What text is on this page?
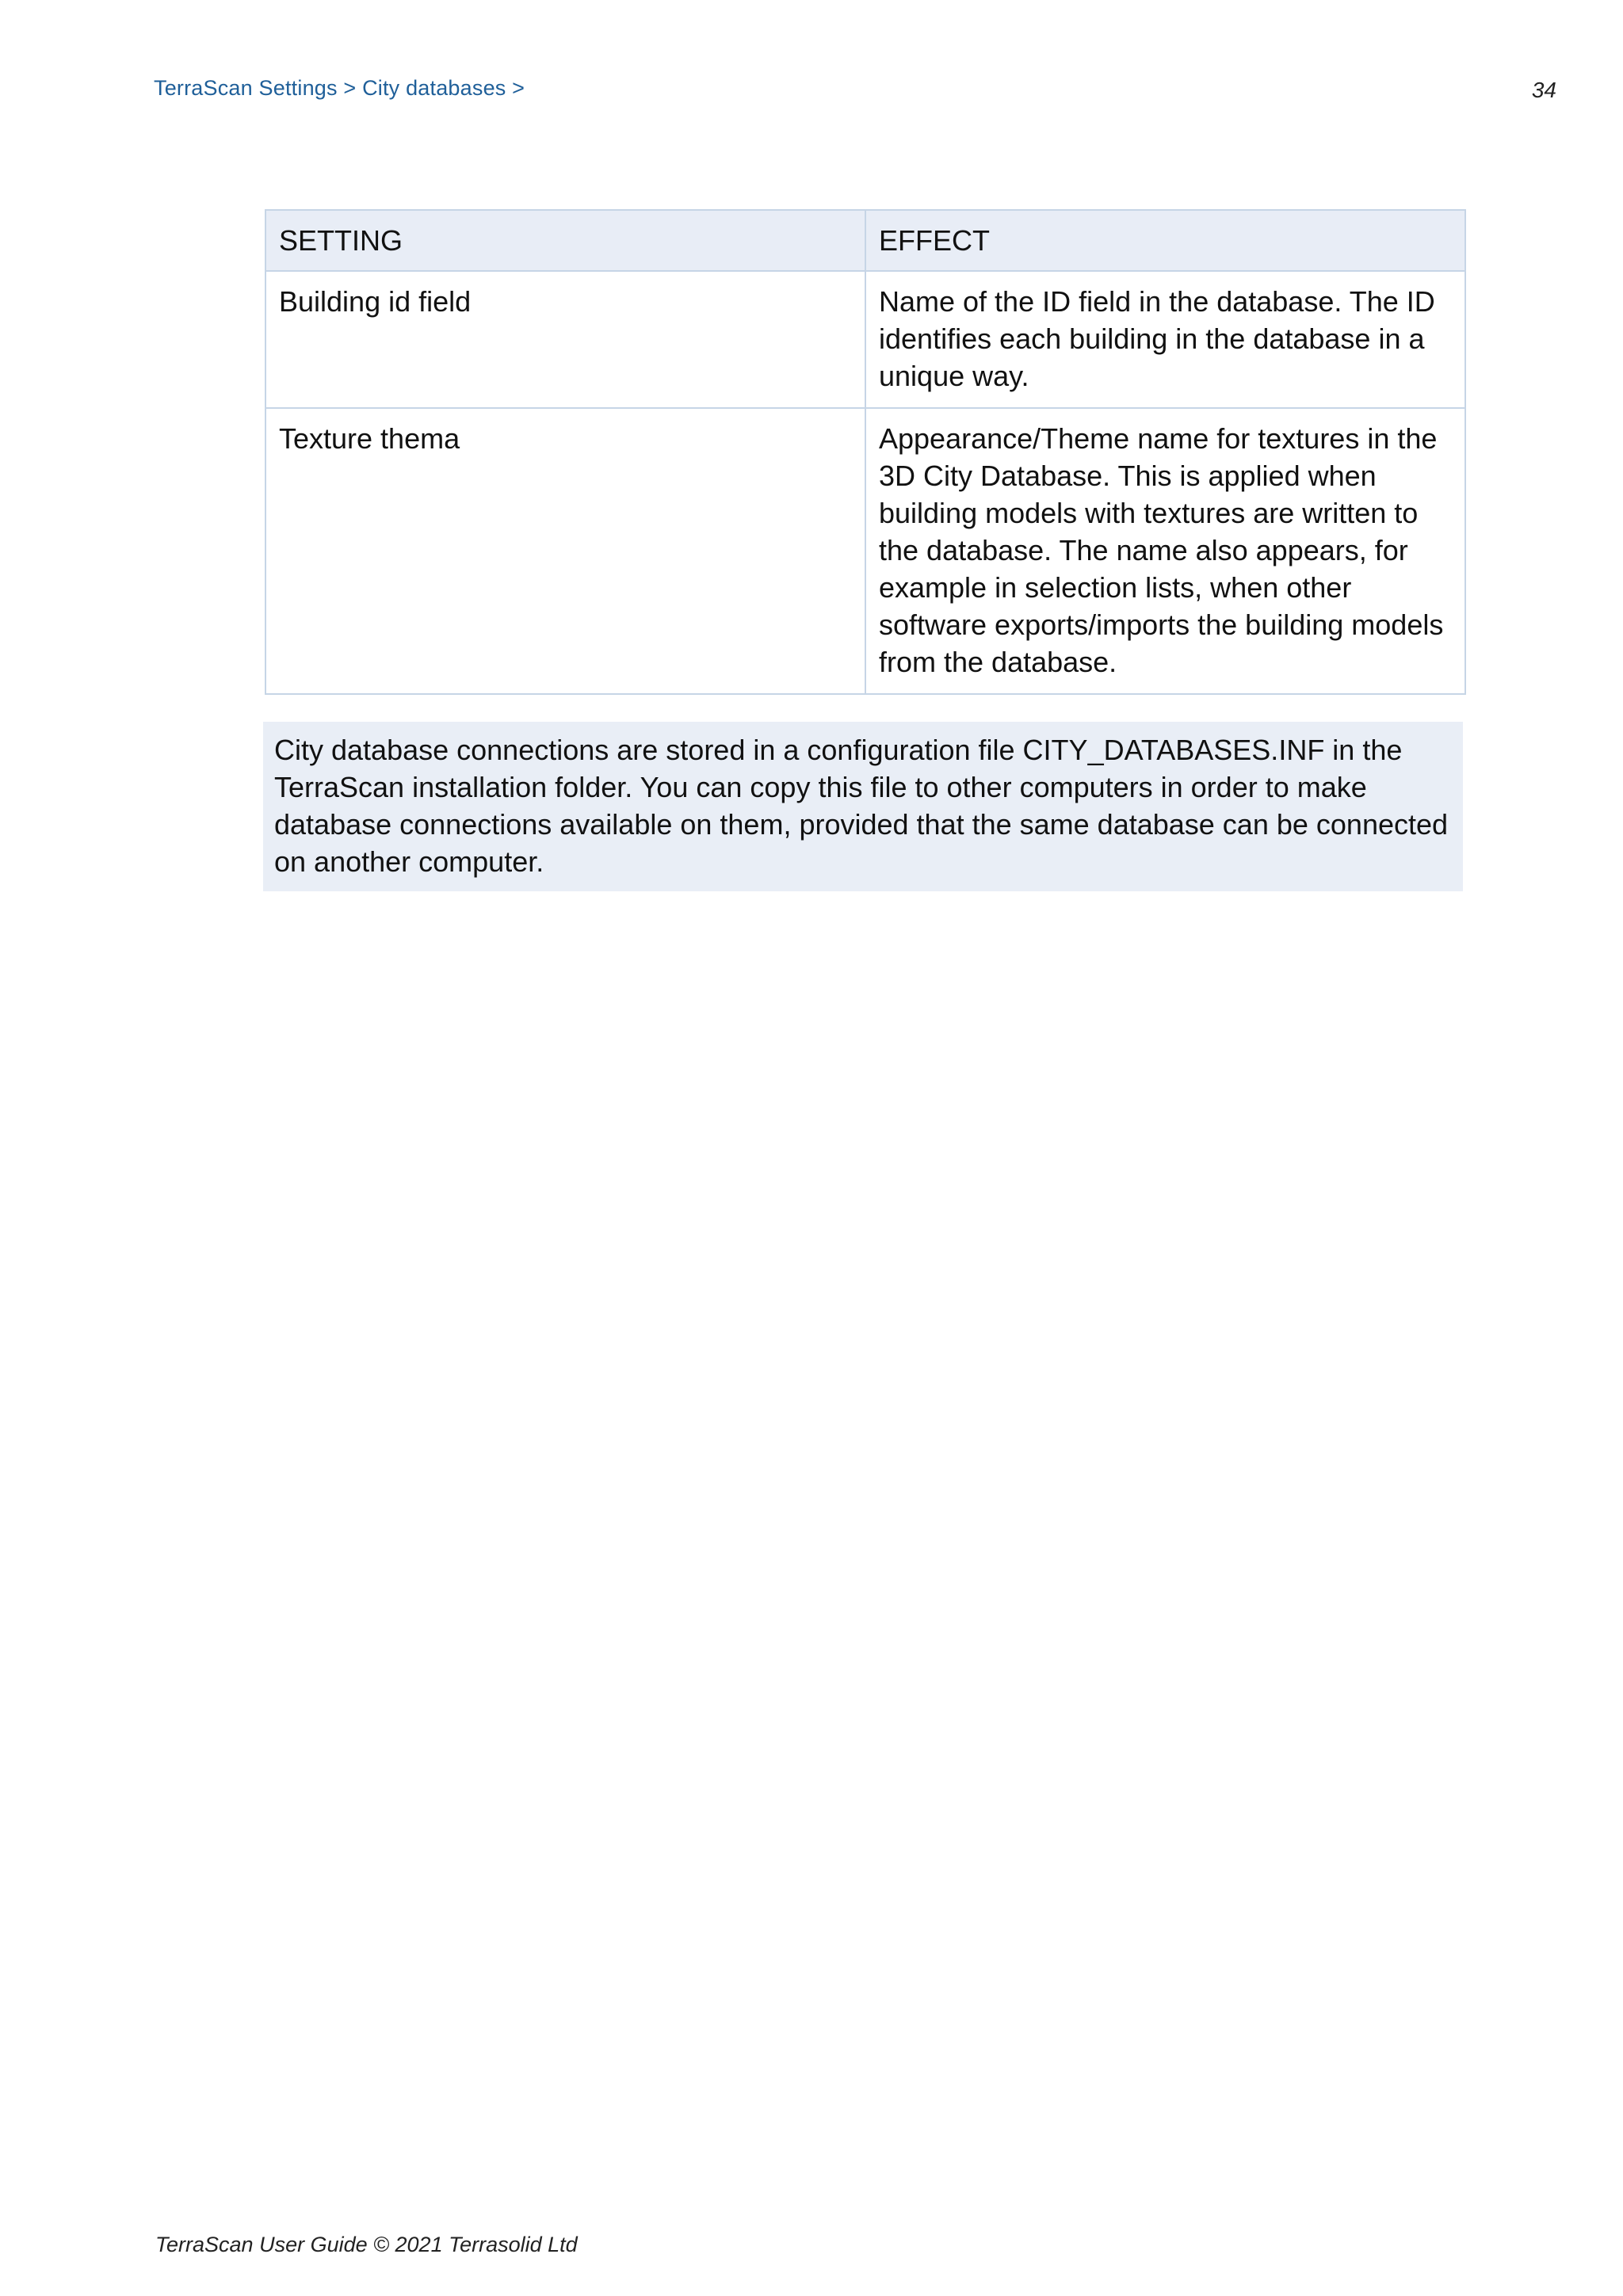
TerraScan Settings > City databases >	34
SETTING	EFFECT
Building id field	Name of the ID field in the database. The ID identifies each building in the database in a unique way.
Texture thema	Appearance/Theme name for textures in the 3D City Database. This is applied when building models with textures are written to the database. The name also appears, for example in selection lists, when other software exports/imports the building models from the database.
City database connections are stored in a configuration file CITY_DATABASES.INF in the TerraScan installation folder. You can copy this file to other computers in order to make database connections available on them, provided that the same database can be connected on another computer.
TerraScan User Guide © 2021 Terrasolid Ltd
